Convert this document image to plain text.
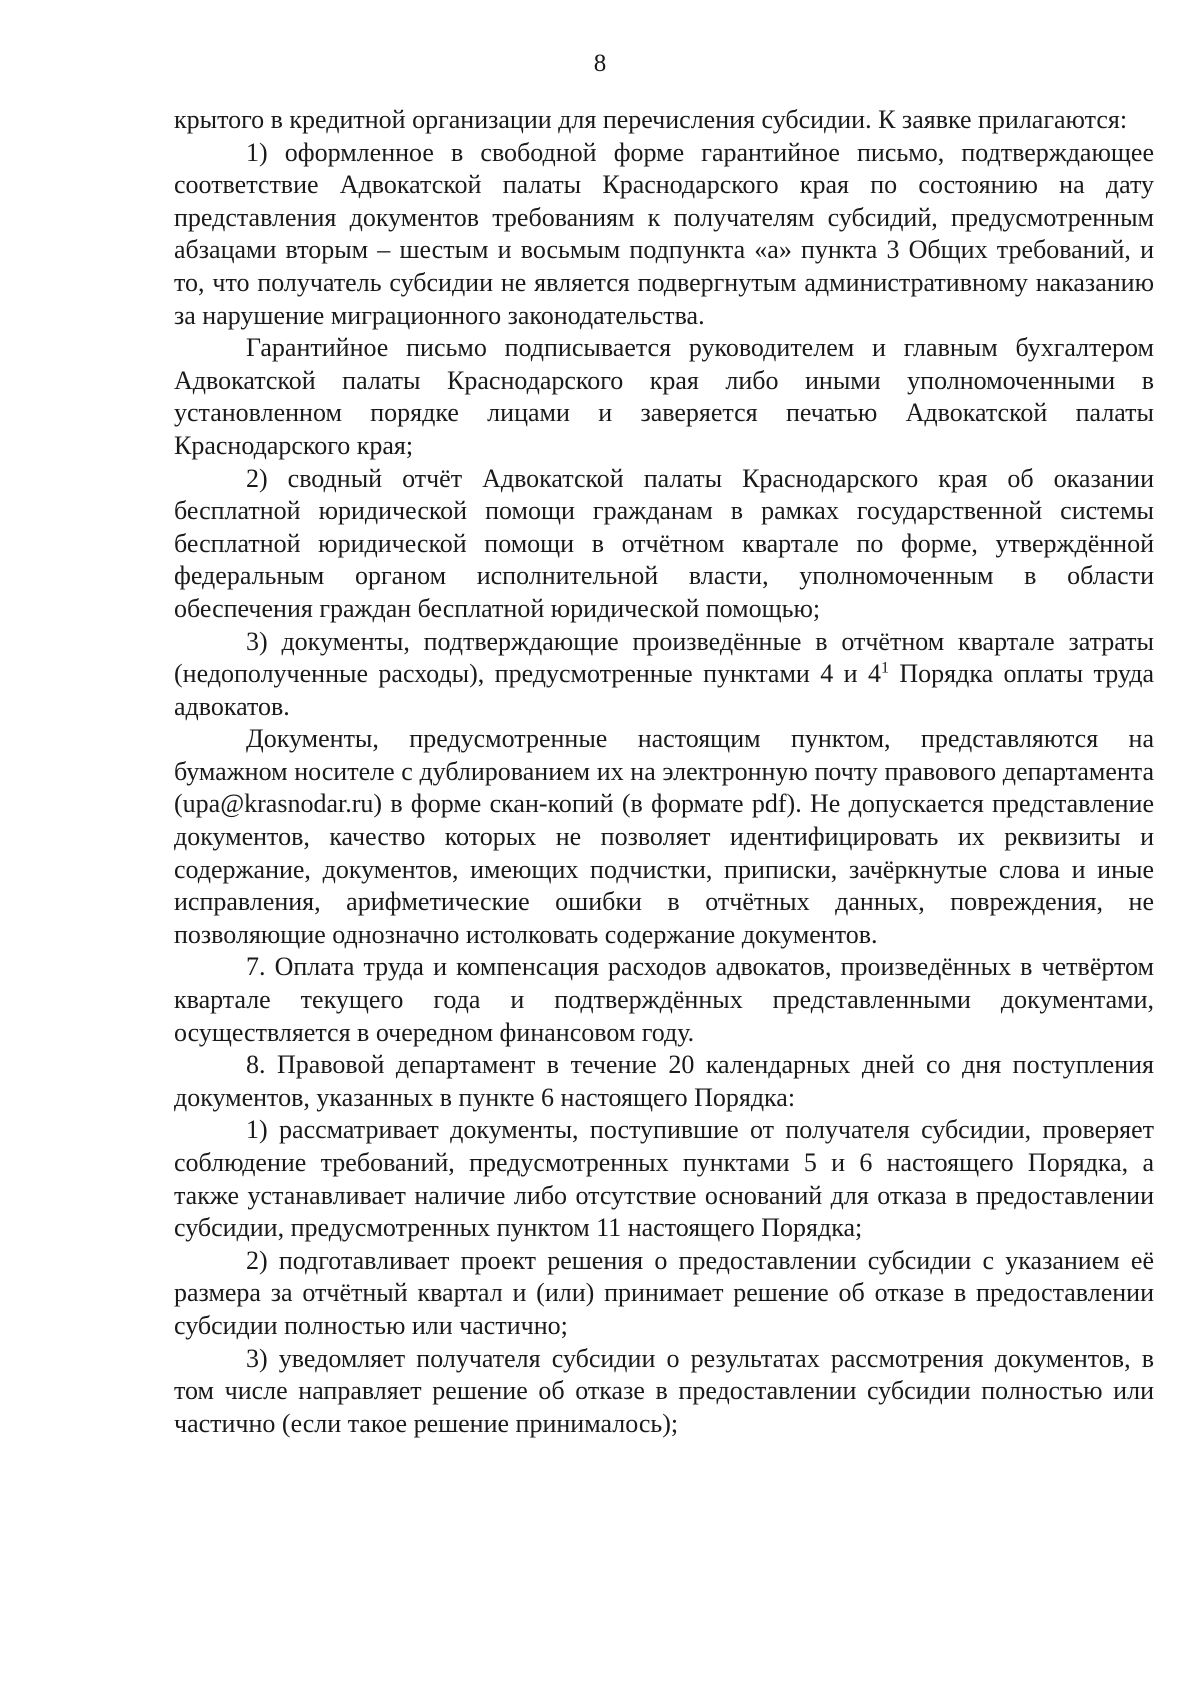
8

крытого в кредитной организации для перечисления субсидии. К заявке прилагаются:

1) оформленное в свободной форме гарантийное письмо, подтверждающее соответствие Адвокатской палаты Краснодарского края по состоянию на дату представления документов требованиям к получателям субсидий, предусмотренным абзацами вторым – шестым и восьмым подпункта «а» пункта 3 Общих требований, и то, что получатель субсидии не является подвергнутым административному наказанию за нарушение миграционного законодательства.

Гарантийное письмо подписывается руководителем и главным бухгалтером Адвокатской палаты Краснодарского края либо иными уполномоченными в установленном порядке лицами и заверяется печатью Адвокатской палаты Краснодарского края;

2) сводный отчёт Адвокатской палаты Краснодарского края об оказании бесплатной юридической помощи гражданам в рамках государственной системы бесплатной юридической помощи в отчётном квартале по форме, утверждённой федеральным органом исполнительной власти, уполномоченным в области обеспечения граждан бесплатной юридической помощью;

3) документы, подтверждающие произведённые в отчётном квартале затраты (недополученные расходы), предусмотренные пунктами 4 и $4^1$ Порядка оплаты труда адвокатов.

Документы, предусмотренные настоящим пунктом, представляются на бумажном носителе с дублированием их на электронную почту правового департамента (upa@krasnodar.ru) в форме скан-копий (в формате pdf). Не допускается представление документов, качество которых не позволяет идентифицировать их реквизиты и содержание, документов, имеющих подчистки, приписки, зачёркнутые слова и иные исправления, арифметические ошибки в отчётных данных, повреждения, не позволяющие однозначно истолковать содержание документов.

7. Оплата труда и компенсация расходов адвокатов, произведённых в четвёртом квартале текущего года и подтверждённых представленными документами, осуществляется в очередном финансовом году.

8. Правовой департамент в течение 20 календарных дней со дня поступления документов, указанных в пункте 6 настоящего Порядка:

1) рассматривает документы, поступившие от получателя субсидии, проверяет соблюдение требований, предусмотренных пунктами 5 и 6 настоящего Порядка, а также устанавливает наличие либо отсутствие оснований для отказа в предоставлении субсидии, предусмотренных пунктом 11 настоящего Порядка;

2) подготавливает проект решения о предоставлении субсидии с указанием её размера за отчётный квартал и (или) принимает решение об отказе в предоставлении субсидии полностью или частично;

3) уведомляет получателя субсидии о результатах рассмотрения документов, в том числе направляет решение об отказе в предоставлении субсидии полностью или частично (если такое решение принималось);
